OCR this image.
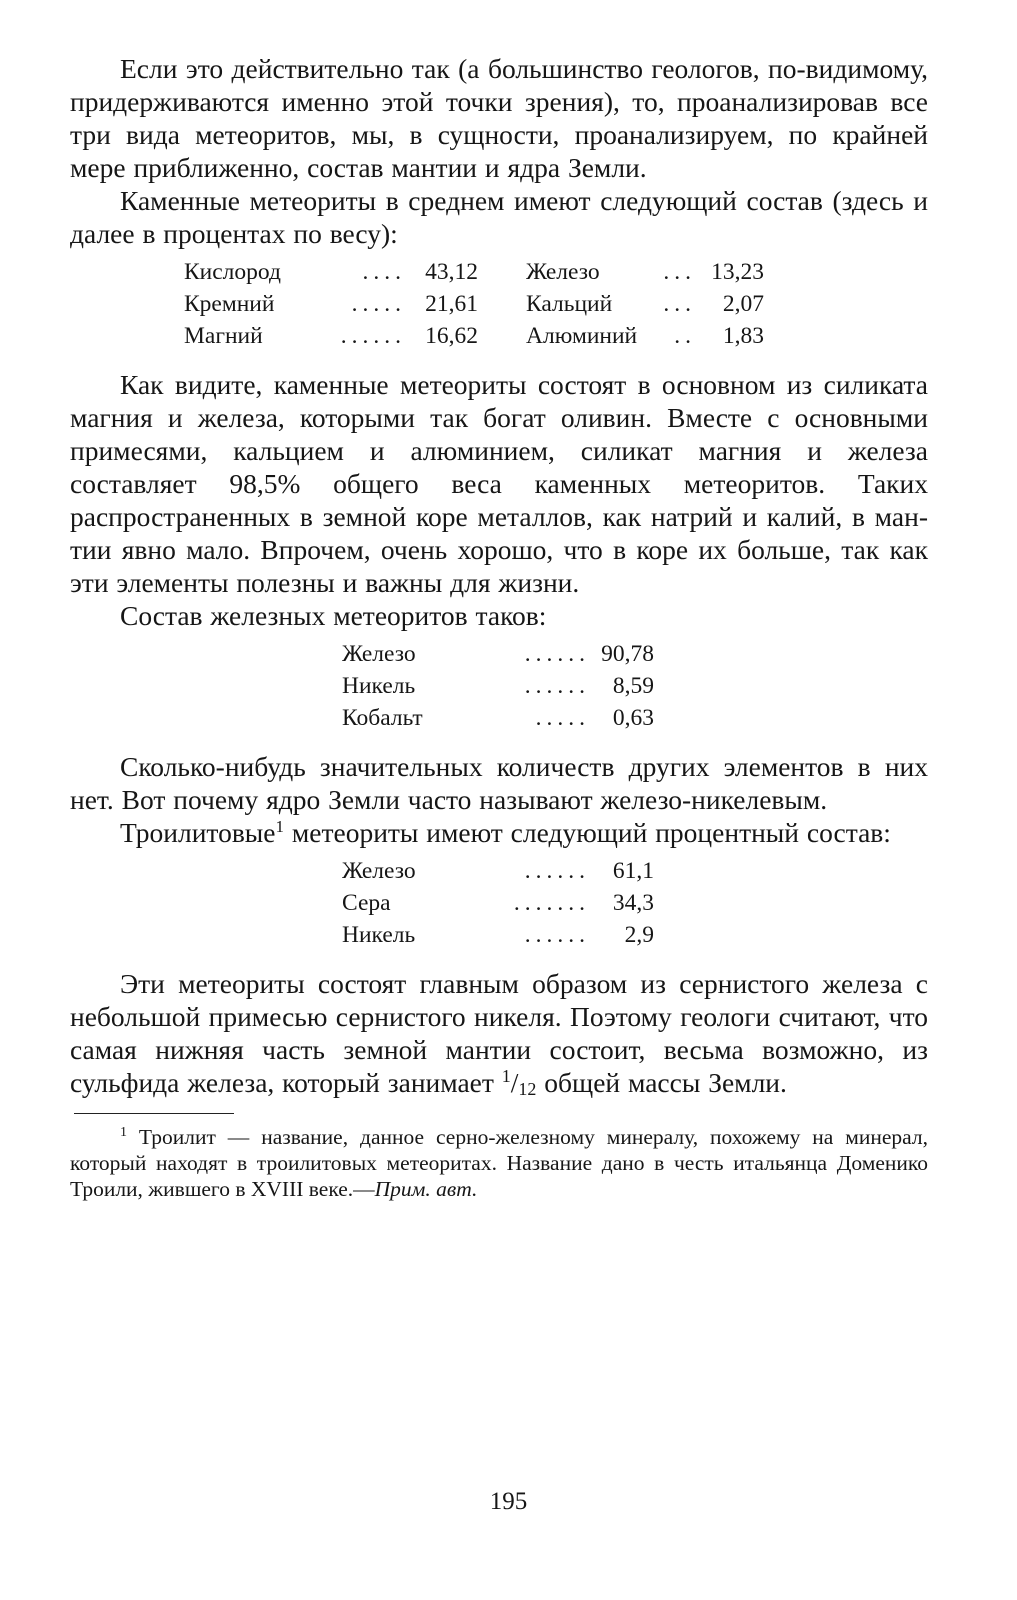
Если это действительно так (а большинство геологов, по-видимому, придерживаются именно этой точки зрения), то, проанализировав все три вида метеоритов, мы, в сущности, проанализируем, по крайней мере приближенно, состав мантии и ядра Земли.

Каменные метеориты в среднем имеют следующий состав (здесь и далее в процентах по весу):

Кислород	....	43,12		Железо	...	13,23
Кремний	.....	21,61		Кальций	...	2,07
Магний	......	16,62		Алюминий	..	1,83

Как видите, каменные метеориты состоят в основном из силиката магния и железа, которыми так богат оливин. Вместе с основными примесями, кальцием и алюминием, силикат магния и железа составляет 98,5% общего веса каменных метеоритов. Таких распространенных в земной коре металлов, как натрий и калий, в мантии явно мало. Впрочем, очень хорошо, что в коре их больше, так как эти элементы полезны и важны для жизни.

Состав железных метеоритов таков:

Железо	......	90,78
Никель	......	8,59
Кобальт	.....	0,63

Сколько-нибудь значительных количеств других элементов в них нет. Вот почему ядро Земли часто называют железо-никелевым.

Троилитовые$^1$ метеориты имеют следующий процентный состав:

Железо	......	61,1
Сера	.......	34,3
Никель	......	2,9

Эти метеориты состоят главным образом из сернистого железа с небольшой примесью сернистого никеля. Поэтому геологи считают, что самая нижняя часть земной мантии состоит, весьма возможно, из сульфида железа, который занимает $^1/_{12}$ общей массы Земли.

$^1$ Троилит — название, данное серно-железному минералу, похожему на минерал, который находят в троилитовых метеоритах. Название дано в честь итальянца Доменико Троили, жившего в XVIII веке.—Прим. авт.

195
